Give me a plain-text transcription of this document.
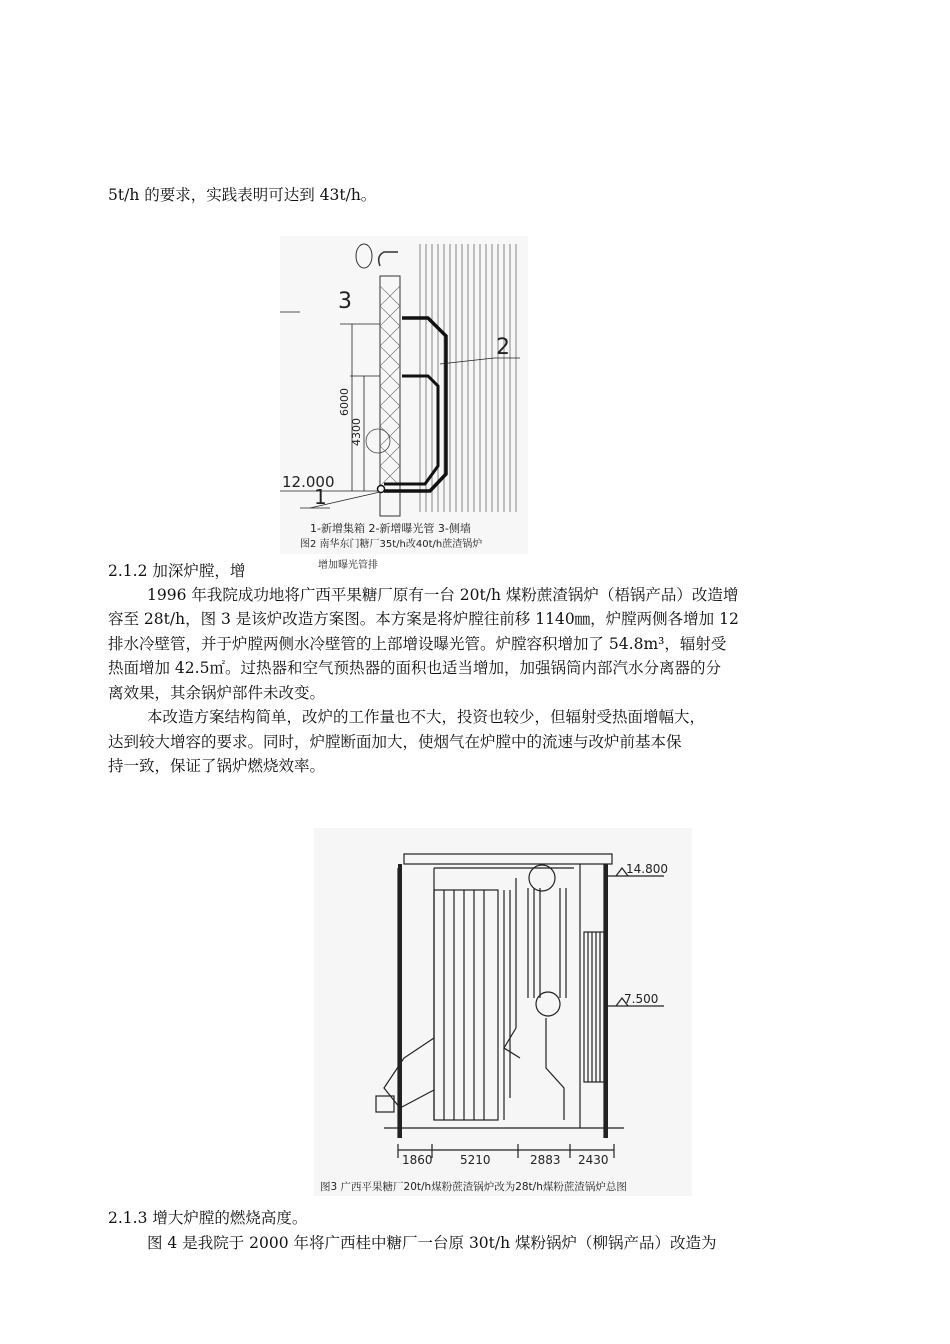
5t/h 的要求，实践表明可达到 43t/h。
3
2
1
6000
4300
12.000
1-新增集箱 2-新增曝光管 3-侧墙
图2 南华东门糖厂35t/h改40t/h蔗渣锅炉
增加曝光管排
2.1.2 加深炉膛，增
1996 年我院成功地将广西平果糖厂原有一台 20t/h 煤粉蔗渣锅炉（梧锅产品）改造增
容至 28t/h，图 3 是该炉改造方案图。本方案是将炉膛往前移 1140㎜，炉膛两侧各增加 12
排水冷壁管，并于炉膛两侧水冷壁管的上部增设曝光管。炉膛容积增加了 54.8m³，辐射受
热面增加 42.5㎡。过热器和空气预热器的面积也适当增加，加强锅筒内部汽水分离器的分
离效果，其余锅炉部件未改变。
本改造方案结构简单，改炉的工作量也不大，投资也较少，但辐射受热面增幅大，
达到较大增容的要求。同时，炉膛断面加大，使烟气在炉膛中的流速与改炉前基本保
持一致，保证了锅炉燃烧效率。
14.800
7.500
1860 5210	2883 2430
图3 广西平果糖厂20t/h煤粉蔗渣锅炉改为28t/h煤粉蔗渣锅炉总图
2.1.3 增大炉膛的燃烧高度。
图 4 是我院于 2000 年将广西桂中糖厂一台原 30t/h 煤粉锅炉（柳锅产品）改造为
